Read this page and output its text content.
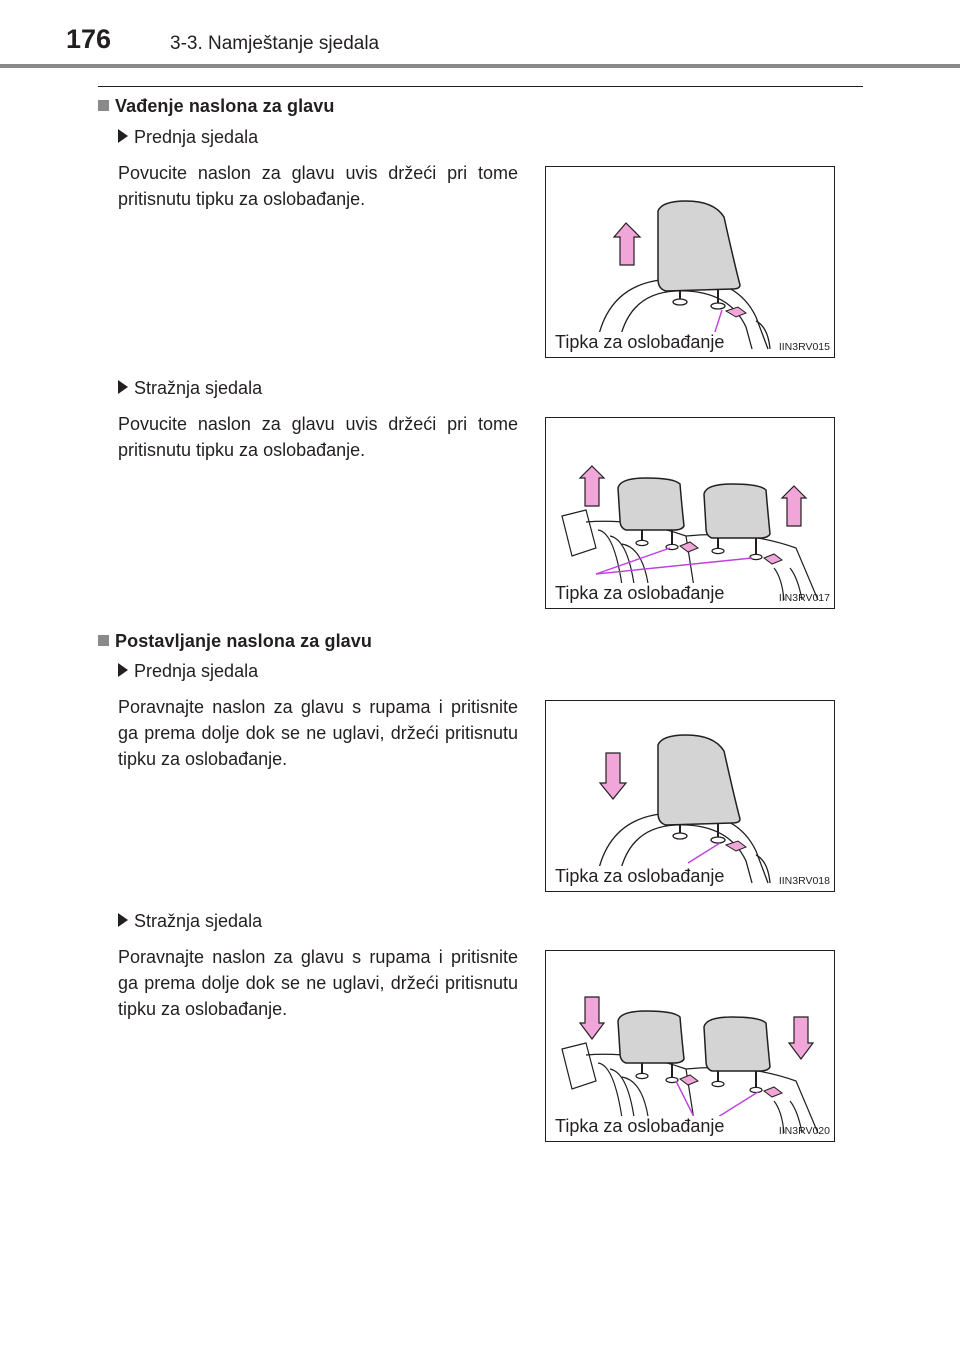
176	3-3. Namještanje sjedala
Vađenje naslona za glavu
Prednja sjedala
Povucite naslon za glavu uvis držeći pri tome pritisnutu tipku za oslobađanje.
Tipka za oslobađanje	IIN3RV015
Stražnja sjedala
Povucite naslon za glavu uvis držeći pri tome pritisnutu tipku za oslobađanje.
Tipka za oslobađanje	IIN3RV017
Postavljanje naslona za glavu
Prednja sjedala
Poravnajte naslon za glavu s rupama i pritisnite ga prema dolje dok se ne uglavi, držeći pritisnutu tipku za oslobađanje.
Tipka za oslobađanje	IIN3RV018
Stražnja sjedala
Poravnajte naslon za glavu s rupama i pritisnite ga prema dolje dok se ne uglavi, držeći pritisnutu tipku za oslobađanje.
Tipka za oslobađanje	IIN3RV020
